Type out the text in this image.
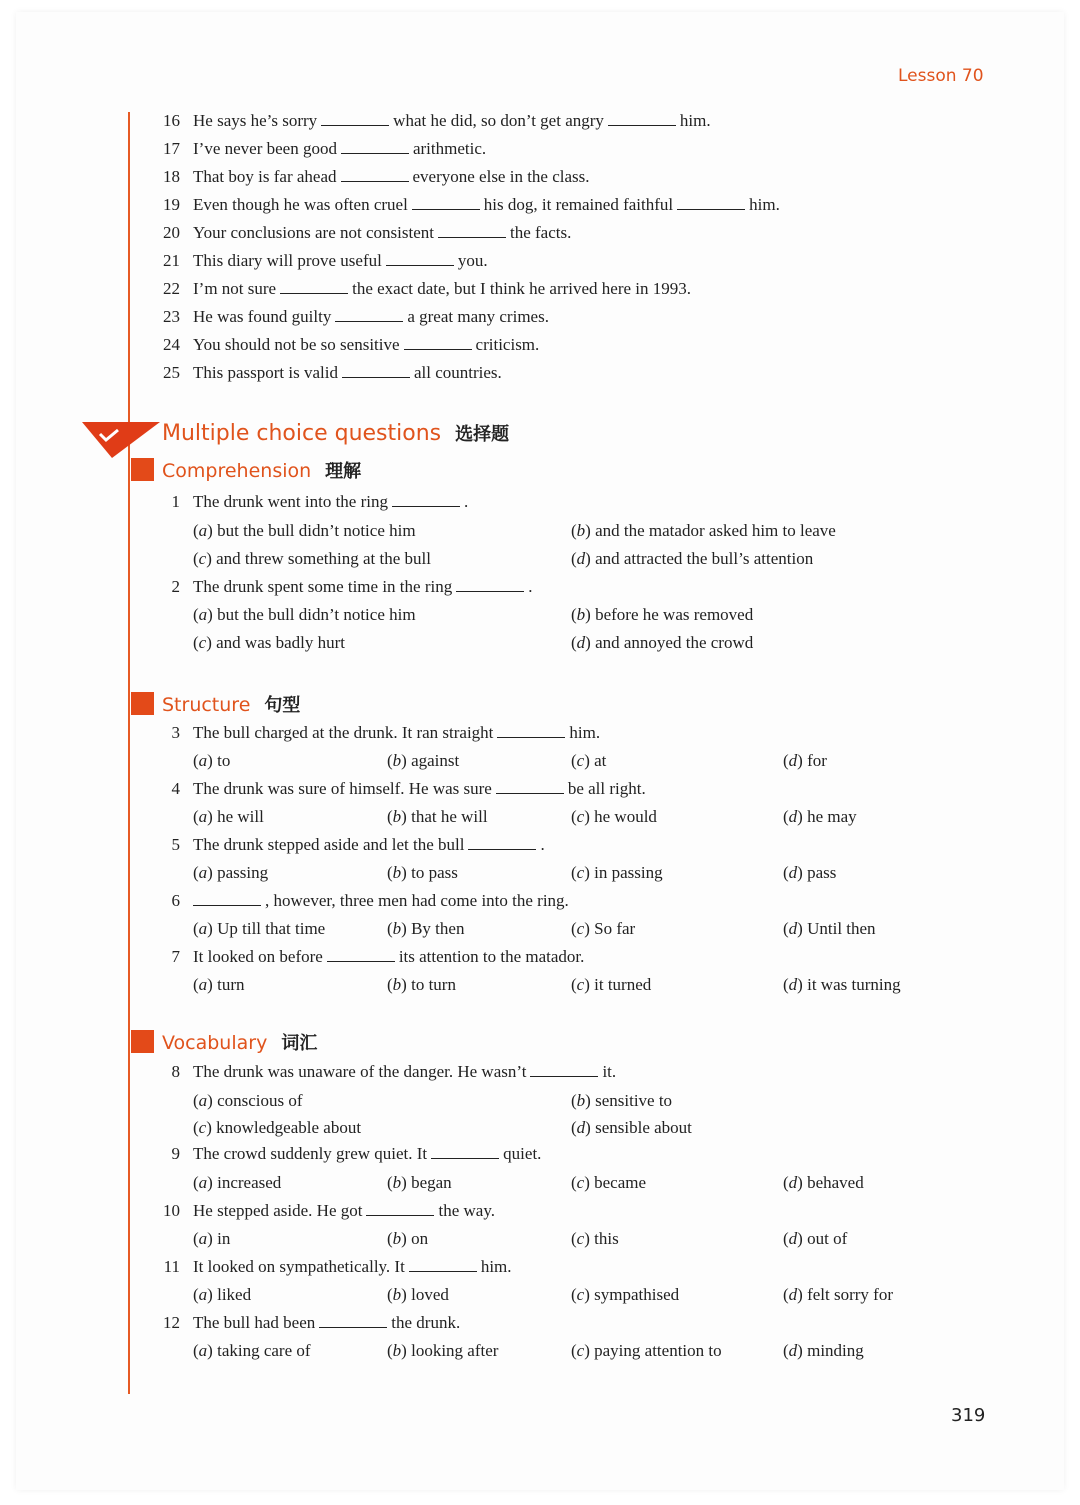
Lesson 70
16 He says he’s sorry	what he did, so don’t get angry	him.
17 I’ve never been good	arithmetic.
18 That boy is far ahead	everyone else in the class.
19 Even though he was often cruel	his dog, it remained faithful	him.
20 Your conclusions are not consistent	the facts.
21 This diary will prove useful	you.
22 I’m not sure	the exact date, but I think he arrived here in 1993.
23 He was found guilty	a great many crimes.
24 You should not be so sensitive	criticism.
25 This passport is valid	all countries.
Multiple choice questions 选择题
Comprehension 理解
Structure 句型
Vocabulary 词汇
1 The drunk went into the ring	.
(a) but the bull didn’t notice him	(b) and the matador asked him to leave
(c) and threw something at the bull	(d) and attracted the bull’s attention
2 The drunk spent some time in the ring	.
(a) but the bull didn’t notice him	(b) before he was removed
(c) and was badly hurt	(d) and annoyed the crowd
3 The bull charged at the drunk. It ran straight	him.
(a) to	(b) against	(c) at	(d) for
4 The drunk was sure of himself. He was sure	be all right.
(a) he will	(b) that he will	(c) he would	(d) he may
5 The drunk stepped aside and let the bull	.
(a) passing	(b) to pass	(c) in passing	(d) pass
6	, however, three men had come into the ring.
(a) Up till that time	(b) By then	(c) So far	(d) Until then
7 It looked on before	its attention to the matador.
(a) turn	(b) to turn	(c) it turned	(d) it was turning
8 The drunk was unaware of the danger. He wasn’t	it.
(a) conscious of	(b) sensitive to
(c) knowledgeable about	(d) sensible about
9 The crowd suddenly grew quiet. It	quiet.
(a) increased	(b) began	(c) became	(d) behaved
10 He stepped aside. He got	the way.
(a) in	(b) on	(c) this	(d) out of
11 It looked on sympathetically. It	him.
(a) liked	(b) loved	(c) sympathised	(d) felt sorry for
12 The bull had been	the drunk.
(a) taking care of	(b) looking after	(c) paying attention to	(d) minding
319
